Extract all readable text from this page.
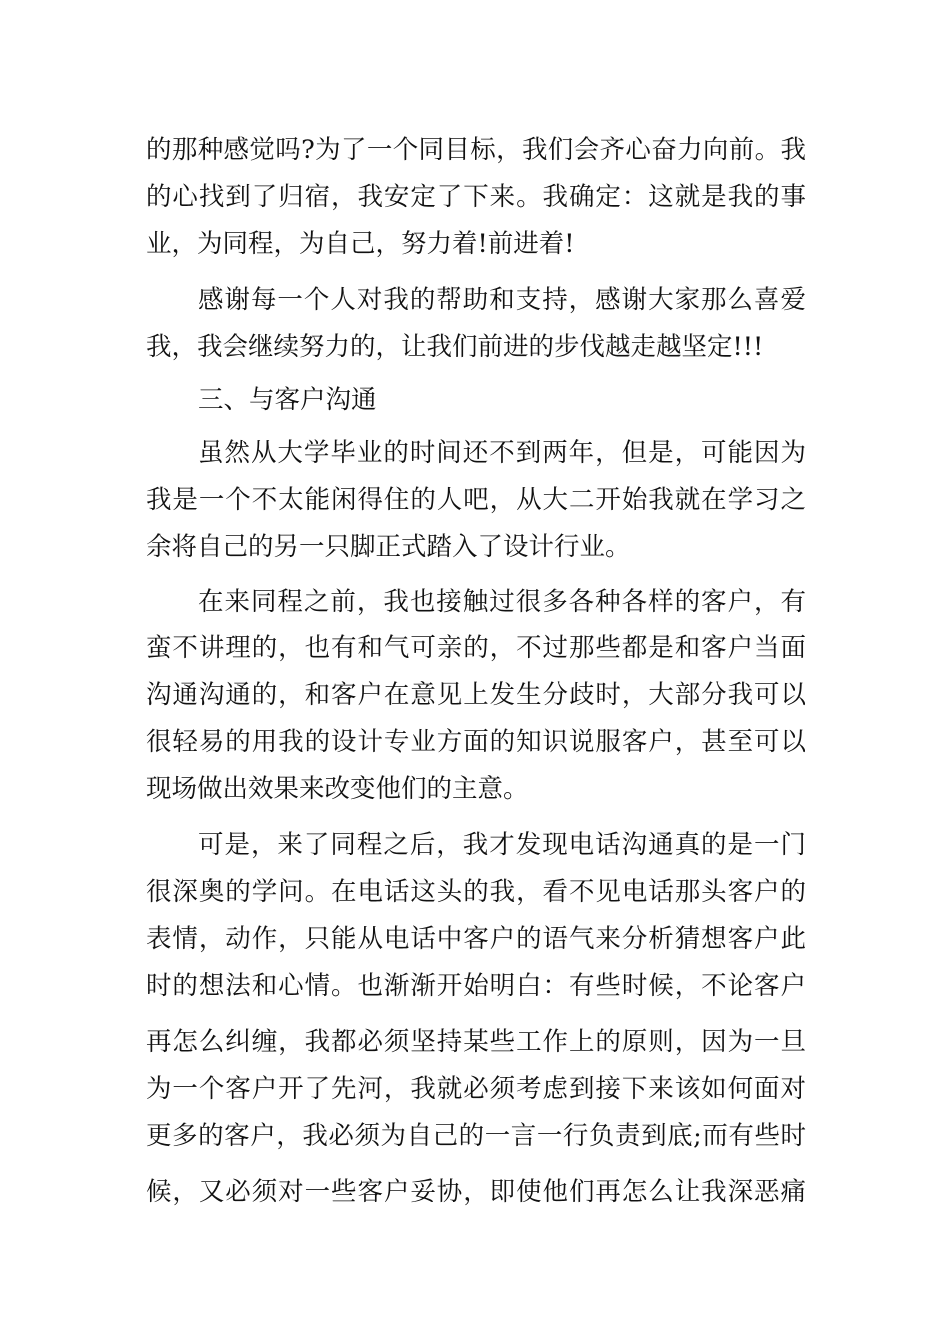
的那种感觉吗?为了一个同目标，我们会齐心奋力向前。我
的心找到了归宿，我安定了下来。我确定：这就是我的事
业，为同程，为自己，努力着!前进着!
感谢每一个人对我的帮助和支持，感谢大家那么喜爱
我，我会继续努力的，让我们前进的步伐越走越坚定!!!
三、与客户沟通
虽然从大学毕业的时间还不到两年，但是，可能因为
我是一个不太能闲得住的人吧，从大二开始我就在学习之
余将自己的另一只脚正式踏入了设计行业。
在来同程之前，我也接触过很多各种各样的客户，有
蛮不讲理的，也有和气可亲的，不过那些都是和客户当面
沟通沟通的，和客户在意见上发生分歧时，大部分我可以
很轻易的用我的设计专业方面的知识说服客户，甚至可以
现场做出效果来改变他们的主意。
可是，来了同程之后，我才发现电话沟通真的是一门
很深奥的学问。在电话这头的我，看不见电话那头客户的
表情，动作，只能从电话中客户的语气来分析猜想客户此
时的想法和心情。也渐渐开始明白：有些时候，不论客户
再怎么纠缠，我都必须坚持某些工作上的原则，因为一旦
为一个客户开了先河，我就必须考虑到接下来该如何面对
更多的客户，我必须为自己的一言一行负责到底;而有些时
候，又必须对一些客户妥协，即使他们再怎么让我深恶痛
